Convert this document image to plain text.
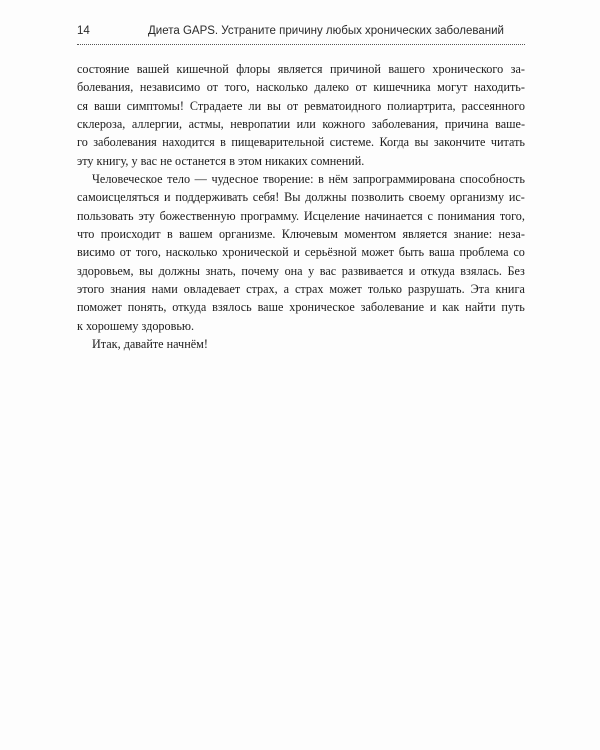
14	Диета GAPS. Устраните причину любых хронических заболеваний
состояние вашей кишечной флоры является причиной вашего хронического за-
болевания, независимо от того, насколько далеко от кишечника могут находить-
ся ваши симптомы! Страдаете ли вы от ревматоидного полиартрита, рассеянного
склероза, аллергии, астмы, невропатии или кожного заболевания, причина ваше-
го заболевания находится в пищеварительной системе. Когда вы закончите читать
эту книгу, у вас не останется в этом никаких сомнений.
Человеческое тело — чудесное творение: в нём запрограммирована способность
самоисцеляться и поддерживать себя! Вы должны позволить своему организму ис-
пользовать эту божественную программу. Исцеление начинается с понимания того,
что происходит в вашем организме. Ключевым моментом является знание: неза-
висимо от того, насколько хронической и серьёзной может быть ваша проблема со
здоровьем, вы должны знать, почему она у вас развивается и откуда взялась. Без
этого знания нами овладевает страх, а страх может только разрушать. Эта книга
поможет понять, откуда взялось ваше хроническое заболевание и как найти путь
к хорошему здоровью.
Итак, давайте начнём!
